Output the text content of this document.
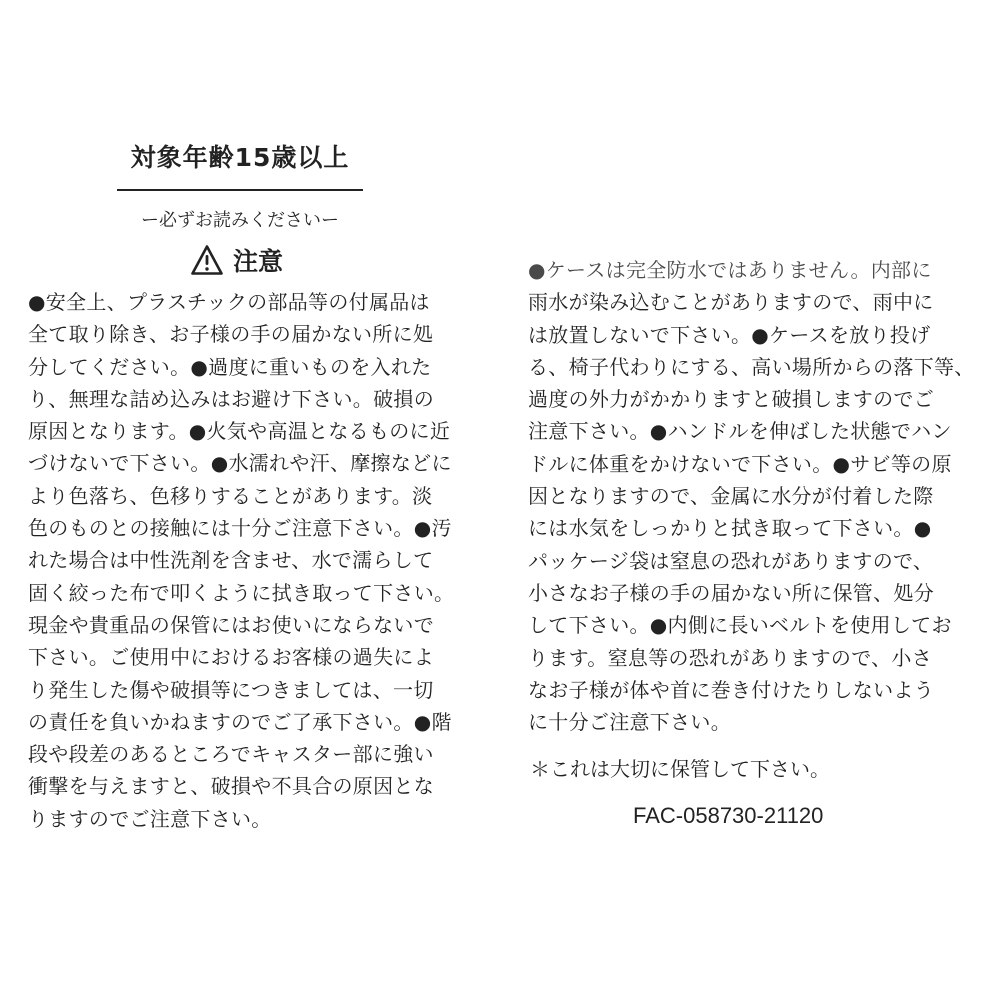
対象年齢15歳以上
ー必ずお読みくださいー
注意
●安全上、プラスチックの部品等の付属品は
全て取り除き、お子様の手の届かない所に処
分してください。●過度に重いものを入れた
り、無理な詰め込みはお避け下さい。破損の
原因となります。●火気や高温となるものに近
づけないで下さい。●水濡れや汗、摩擦などに
より色落ち、色移りすることがあります。淡
色のものとの接触には十分ご注意下さい。●汚
れた場合は中性洗剤を含ませ、水で濡らして
固く絞った布で叩くように拭き取って下さい。
現金や貴重品の保管にはお使いにならないで
下さい。ご使用中におけるお客様の過失によ
り発生した傷や破損等につきましては、一切
の責任を負いかねますのでご了承下さい。●階
段や段差のあるところでキャスター部に強い
衝撃を与えますと、破損や不具合の原因とな
りますのでご注意下さい。
●ケースは完全防水ではありません。内部に
雨水が染み込むことがありますので、雨中に
は放置しないで下さい。●ケースを放り投げ
る、椅子代わりにする、高い場所からの落下等、
過度の外力がかかりますと破損しますのでご
注意下さい。●ハンドルを伸ばした状態でハン
ドルに体重をかけないで下さい。●サビ等の原
因となりますので、金属に水分が付着した際
には水気をしっかりと拭き取って下さい。●
パッケージ袋は窒息の恐れがありますので、
小さなお子様の手の届かない所に保管、処分
して下さい。●内側に長いベルトを使用してお
ります。窒息等の恐れがありますので、小さ
なお子様が体や首に巻き付けたりしないよう
に十分ご注意下さい。
＊これは大切に保管して下さい。
FAC-058730-21120
